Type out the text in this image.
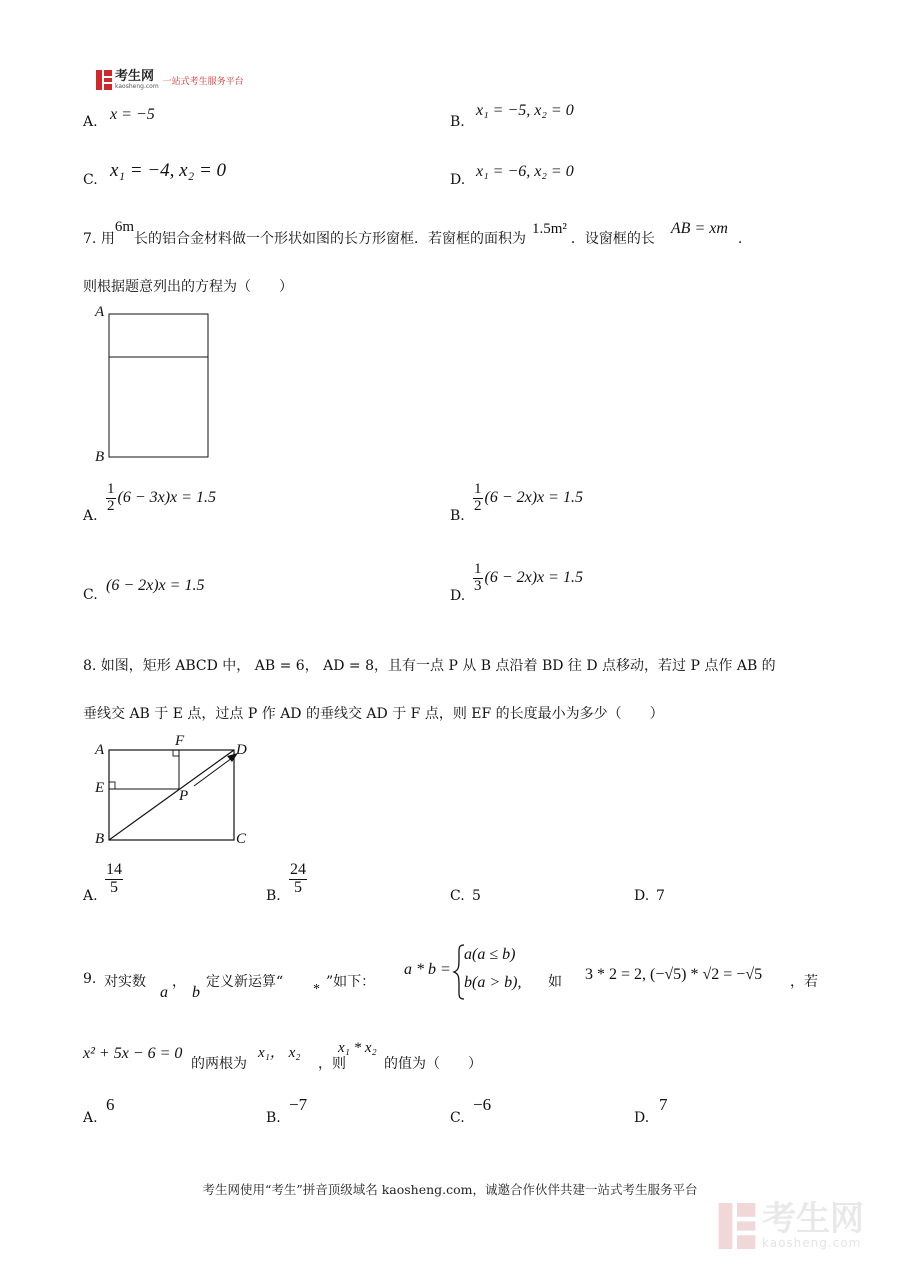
考生网
kaosheng.com 一站式考生服务平台
A. x = −5	B.
x₁ = −5, x₂ = 0
C. x₁ = −4, x₂ = 0	D. x₁ = −6, x₂ = 0
7. 用6m长的铝合金材料做一个形状如图的长方形窗框．若窗框的面积为1.5m²．设窗框的长AB = xm.
则根据题意列出的方程为（　　）
A
B
A.
$\frac{1}{2} (6 - 3x)x = 1.5$
B.
$\frac{1}{2} (6 - 2x)x = 1.5$
C.
(6 − 2x)x = 1.5
D.
$\frac{1}{3} (6 - 2x)x = 1.5$
8. 如图，矩形 ABCD 中， AB = 6， AD = 8，且有一点 P 从 B 点沿着 BD 往 D 点移动，若过 P 点作 AB 的
垂线交 AB 于 E 点，过点 P 作 AD 的垂线交 AD 于 F 点，则 EF 的长度最小为多少（　　）
A
F
D
E	P
B	C
A. $\frac{14}{5}$	B. $\frac{24}{5}$	C. 5	D. 7
9. 对实数
a
，
b
定义新运算“ * ”如下：
a * b =
a(a ≤ b)
b(a > b), 如 3 * 2 = 2, (−√5) * √2 = −√5 ，若
x² + 5x − 6 = 0
的两根为
x₁， x₂
，则
x₁ * x₂
的值为（　　）
A.
6
B.
−7
C.
−6
D.
7
考生网使用“考生”拼音顶级域名 kaosheng.com，诚邀合作伙伴共建一站式考生服务平台
考生网
kaosheng.com
